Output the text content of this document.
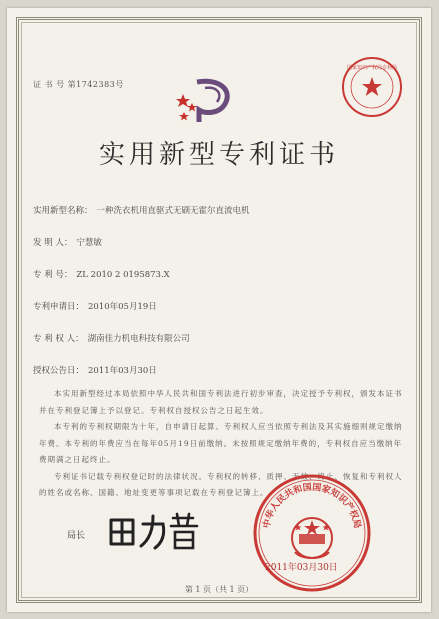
证 书 号 第1742383号
国家知识产权局专利局
实用新型专利证书
实用新型名称： 一种洗衣机用直驱式无刷无霍尔直流电机
发 明 人： 宁慧敏
专 利 号： ZL 2010 2 0195873.X
专利申请日： 2010年05月19日
专 利 权 人： 湖南佳力机电科技有限公司
授权公告日： 2011年03月30日

本实用新型经过本局依照中华人民共和国专利法进行初步审查，决定授予专利权，颁发本证书并在专利登记簿上予以登记。专利权自授权公告之日起生效。

本专利的专利权期限为十年，自申请日起算。专利权人应当依照专利法及其实施细则规定缴纳年费。本专利的年费应当在每年05月19日前缴纳。未按照规定缴纳年费的，专利权自应当缴纳年费期满之日起终止。

专利证书记载专利权登记时的法律状况。专利权的转移、质押、无效、终止、恢复和专利权人的姓名或名称、国籍、地址变更等事项记载在专利登记簿上。

局长
中华人民共和国国家知识产权局
2011年03月30日
第 1 页（共 1 页）
